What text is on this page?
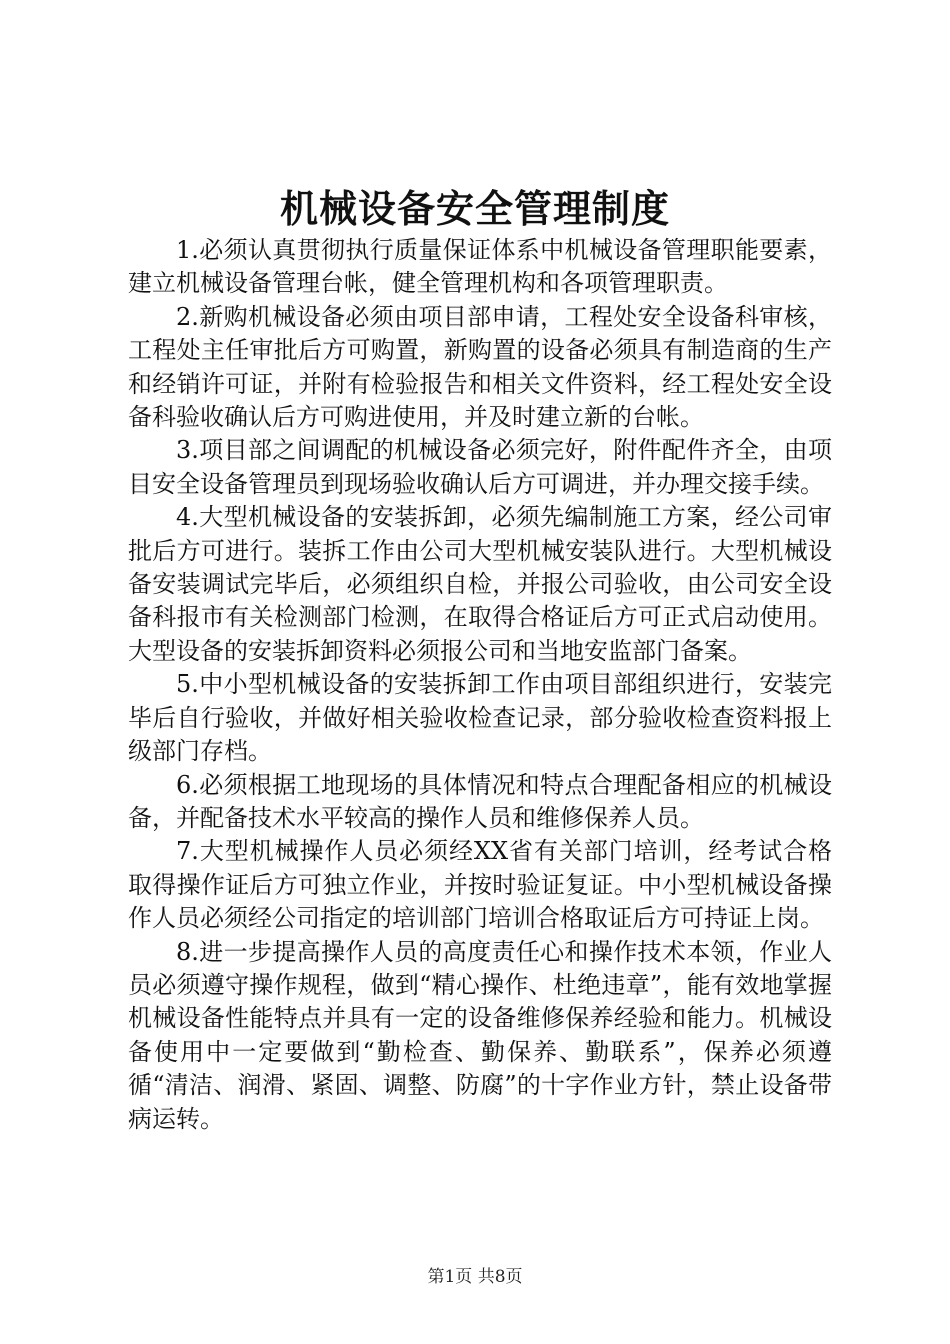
机械设备安全管理制度

1.必须认真贯彻执行质量保证体系中机械设备管理职能要素，建立机械设备管理台帐，健全管理机构和各项管理职责。

2.新购机械设备必须由项目部申请，工程处安全设备科审核，工程处主任审批后方可购置，新购置的设备必须具有制造商的生产和经销许可证，并附有检验报告和相关文件资料，经工程处安全设备科验收确认后方可购进使用，并及时建立新的台帐。

3.项目部之间调配的机械设备必须完好，附件配件齐全，由项目安全设备管理员到现场验收确认后方可调进，并办理交接手续。

4.大型机械设备的安装拆卸，必须先编制施工方案，经公司审批后方可进行。装拆工作由公司大型机械安装队进行。大型机械设备安装调试完毕后，必须组织自检，并报公司验收，由公司安全设备科报市有关检测部门检测，在取得合格证后方可正式启动使用。大型设备的安装拆卸资料必须报公司和当地安监部门备案。

5.中小型机械设备的安装拆卸工作由项目部组织进行，安装完毕后自行验收，并做好相关验收检查记录，部分验收检查资料报上级部门存档。

6.必须根据工地现场的具体情况和特点合理配备相应的机械设备，并配备技术水平较高的操作人员和维修保养人员。

7.大型机械操作人员必须经XX省有关部门培训，经考试合格取得操作证后方可独立作业，并按时验证复证。中小型机械设备操作人员必须经公司指定的培训部门培训合格取证后方可持证上岗。

8.进一步提高操作人员的高度责任心和操作技术本领，作业人员必须遵守操作规程，做到“精心操作、杜绝违章”，能有效地掌握机械设备性能特点并具有一定的设备维修保养经验和能力。机械设备使用中一定要做到“勤检查、勤保养、勤联系”，保养必须遵循“清洁、润滑、紧固、调整、防腐”的十字作业方针，禁止设备带病运转。

第1页 共8页
